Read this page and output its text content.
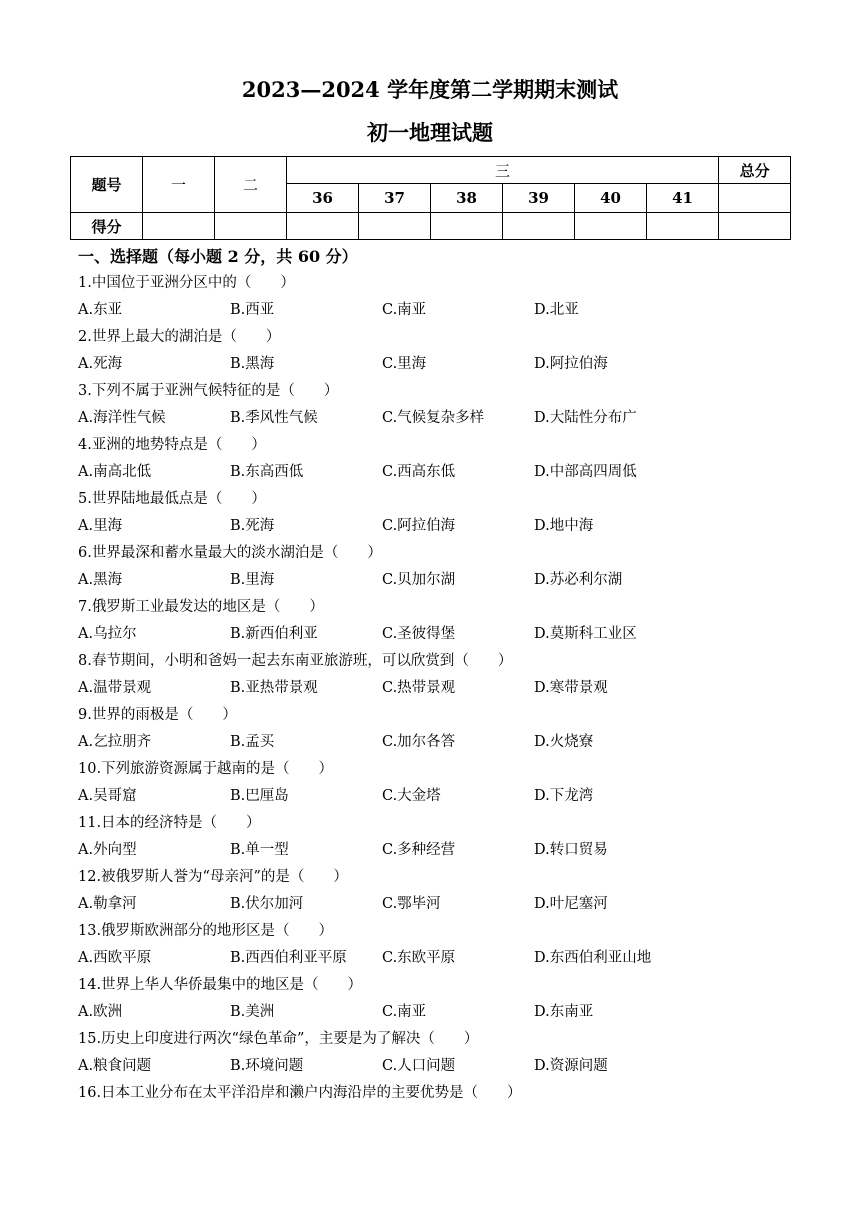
2023—2024 学年度第二学期期末测试
初一地理试题
题号	一	二	三						总分
			36	37	38	39	40	41	
得分									
一、选择题（每小题 2 分，共 60 分）
1.中国位于亚洲分区中的（　　）
A.东亚	B.西亚	C.南亚	D.北亚
2.世界上最大的湖泊是（　　）
A.死海	B.黑海	C.里海	D.阿拉伯海
3.下列不属于亚洲气候特征的是（　　）
A.海洋性气候	B.季风性气候	C.气候复杂多样	D.大陆性分布广
4.亚洲的地势特点是（　　）
A.南高北低	B.东高西低	C.西高东低	D.中部高四周低
5.世界陆地最低点是（　　）
A.里海	B.死海	C.阿拉伯海	D.地中海
6.世界最深和蓄水量最大的淡水湖泊是（　　）
A.黑海	B.里海	C.贝加尔湖	D.苏必利尔湖
7.俄罗斯工业最发达的地区是（　　）
A.乌拉尔	B.新西伯利亚	C.圣彼得堡	D.莫斯科工业区
8.春节期间，小明和爸妈一起去东南亚旅游班，可以欣赏到（　　）
A.温带景观	B.亚热带景观	C.热带景观	D.寒带景观
9.世界的雨极是（　　）
A.乞拉朋齐	B.孟买	C.加尔各答	D.火烧寮
10.下列旅游资源属于越南的是（　　）
A.吴哥窟	B.巴厘岛	C.大金塔	D.下龙湾
11.日本的经济特是（　　）
A.外向型	B.单一型	C.多种经营	D.转口贸易
12.被俄罗斯人誉为“母亲河”的是（　　）
A.勒拿河	B.伏尔加河	C.鄂毕河	D.叶尼塞河
13.俄罗斯欧洲部分的地形区是（　　）
A.西欧平原	B.西西伯利亚平原	C.东欧平原	D.东西伯利亚山地
14.世界上华人华侨最集中的地区是（　　）
A.欧洲	B.美洲	C.南亚	D.东南亚
15.历史上印度进行两次“绿色革命”，主要是为了解决（　　）
A.粮食问题	B.环境问题	C.人口问题	D.资源问题
16.日本工业分布在太平洋沿岸和濑户内海沿岸的主要优势是（　　）
